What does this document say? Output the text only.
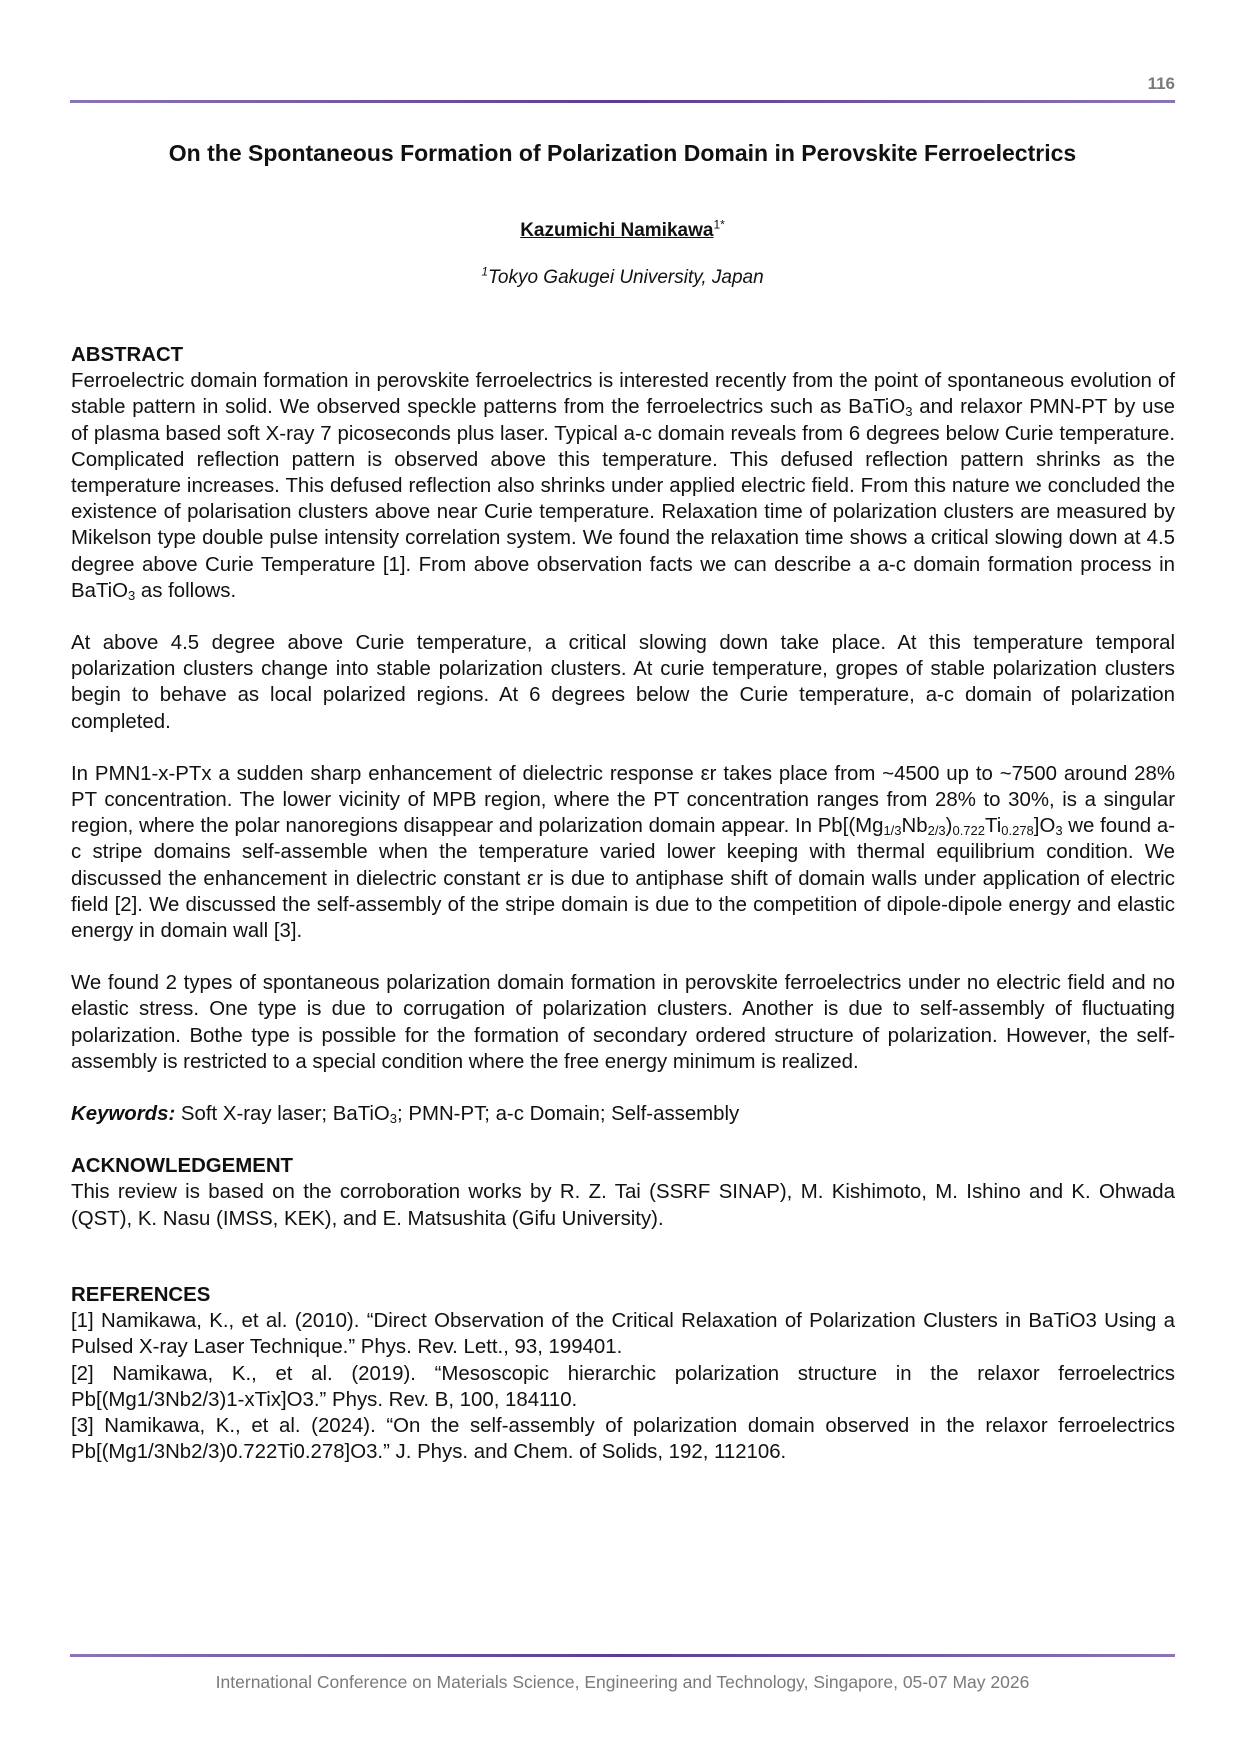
116
On the Spontaneous Formation of Polarization Domain in Perovskite Ferroelectrics
Kazumichi Namikawa$^{1*}$
$^1$Tokyo Gakugei University, Japan

ABSTRACT

Ferroelectric domain formation in perovskite ferroelectrics is interested recently from the point of spontaneous evolution of stable pattern in solid. We observed speckle patterns from the ferroelectrics such as BaTiO$_3$ and relaxor PMN-PT by use of plasma based soft X-ray 7 picoseconds plus laser. Typical a-c domain reveals from 6 degrees below Curie temperature. Complicated reflection pattern is observed above this temperature. This defused reflection pattern shrinks as the temperature increases. This defused reflection also shrinks under applied electric field. From this nature we concluded the existence of polarisation clusters above near Curie temperature. Relaxation time of polarization clusters are measured by Mikelson type double pulse intensity correlation system. We found the relaxation time shows a critical slowing down at 4.5 degree above Curie Temperature [1]. From above observation facts we can describe a a-c domain formation process in BaTiO$_3$ as follows.

At above 4.5 degree above Curie temperature, a critical slowing down take place. At this temperature temporal polarization clusters change into stable polarization clusters. At curie temperature, gropes of stable polarization clusters begin to behave as local polarized regions. At 6 degrees below the Curie temperature, a-c domain of polarization completed.

In PMN1-x-PTx a sudden sharp enhancement of dielectric response εr takes place from ~4500 up to ~7500 around 28% PT concentration. The lower vicinity of MPB region, where the PT concentration ranges from 28% to 30%, is a singular region, where the polar nanoregions disappear and polarization domain appear. In $Pb[(Mg_{1/3}Nb_{2/3})_{0.722}Ti_{0.278}]O_3$ we found a-c stripe domains self-assemble when the temperature varied lower keeping with thermal equilibrium condition. We discussed the enhancement in dielectric constant εr is due to antiphase shift of domain walls under application of electric field [2]. We discussed the self-assembly of the stripe domain is due to the competition of dipole-dipole energy and elastic energy in domain wall [3].

We found 2 types of spontaneous polarization domain formation in perovskite ferroelectrics under no electric field and no elastic stress. One type is due to corrugation of polarization clusters. Another is due to self-assembly of fluctuating polarization. Bothe type is possible for the formation of secondary ordered structure of polarization. However, the self-assembly is restricted to a special condition where the free energy minimum is realized.

Keywords: Soft X-ray laser; BaTiO$_3$; PMN-PT; a-c Domain; Self-assembly

ACKNOWLEDGEMENT

This review is based on the corroboration works by R. Z. Tai (SSRF SINAP), M. Kishimoto, M. Ishino and K. Ohwada (QST), K. Nasu (IMSS, KEK), and E. Matsushita (Gifu University).

REFERENCES

[1] Namikawa, K., et al. (2010). “Direct Observation of the Critical Relaxation of Polarization Clusters in BaTiO3 Using a Pulsed X-ray Laser Technique.” Phys. Rev. Lett., 93, 199401.

[2] Namikawa, K., et al. (2019). “Mesoscopic hierarchic polarization structure in the relaxor ferroelectrics Pb[(Mg1/3Nb2/3)1-xTix]O3.” Phys. Rev. B, 100, 184110.

[3] Namikawa, K., et al. (2024). “On the self-assembly of polarization domain observed in the relaxor ferroelectrics Pb[(Mg1/3Nb2/3)0.722Ti0.278]O3.” J. Phys. and Chem. of Solids, 192, 112106.

International Conference on Materials Science, Engineering and Technology, Singapore, 05-07 May 2026
